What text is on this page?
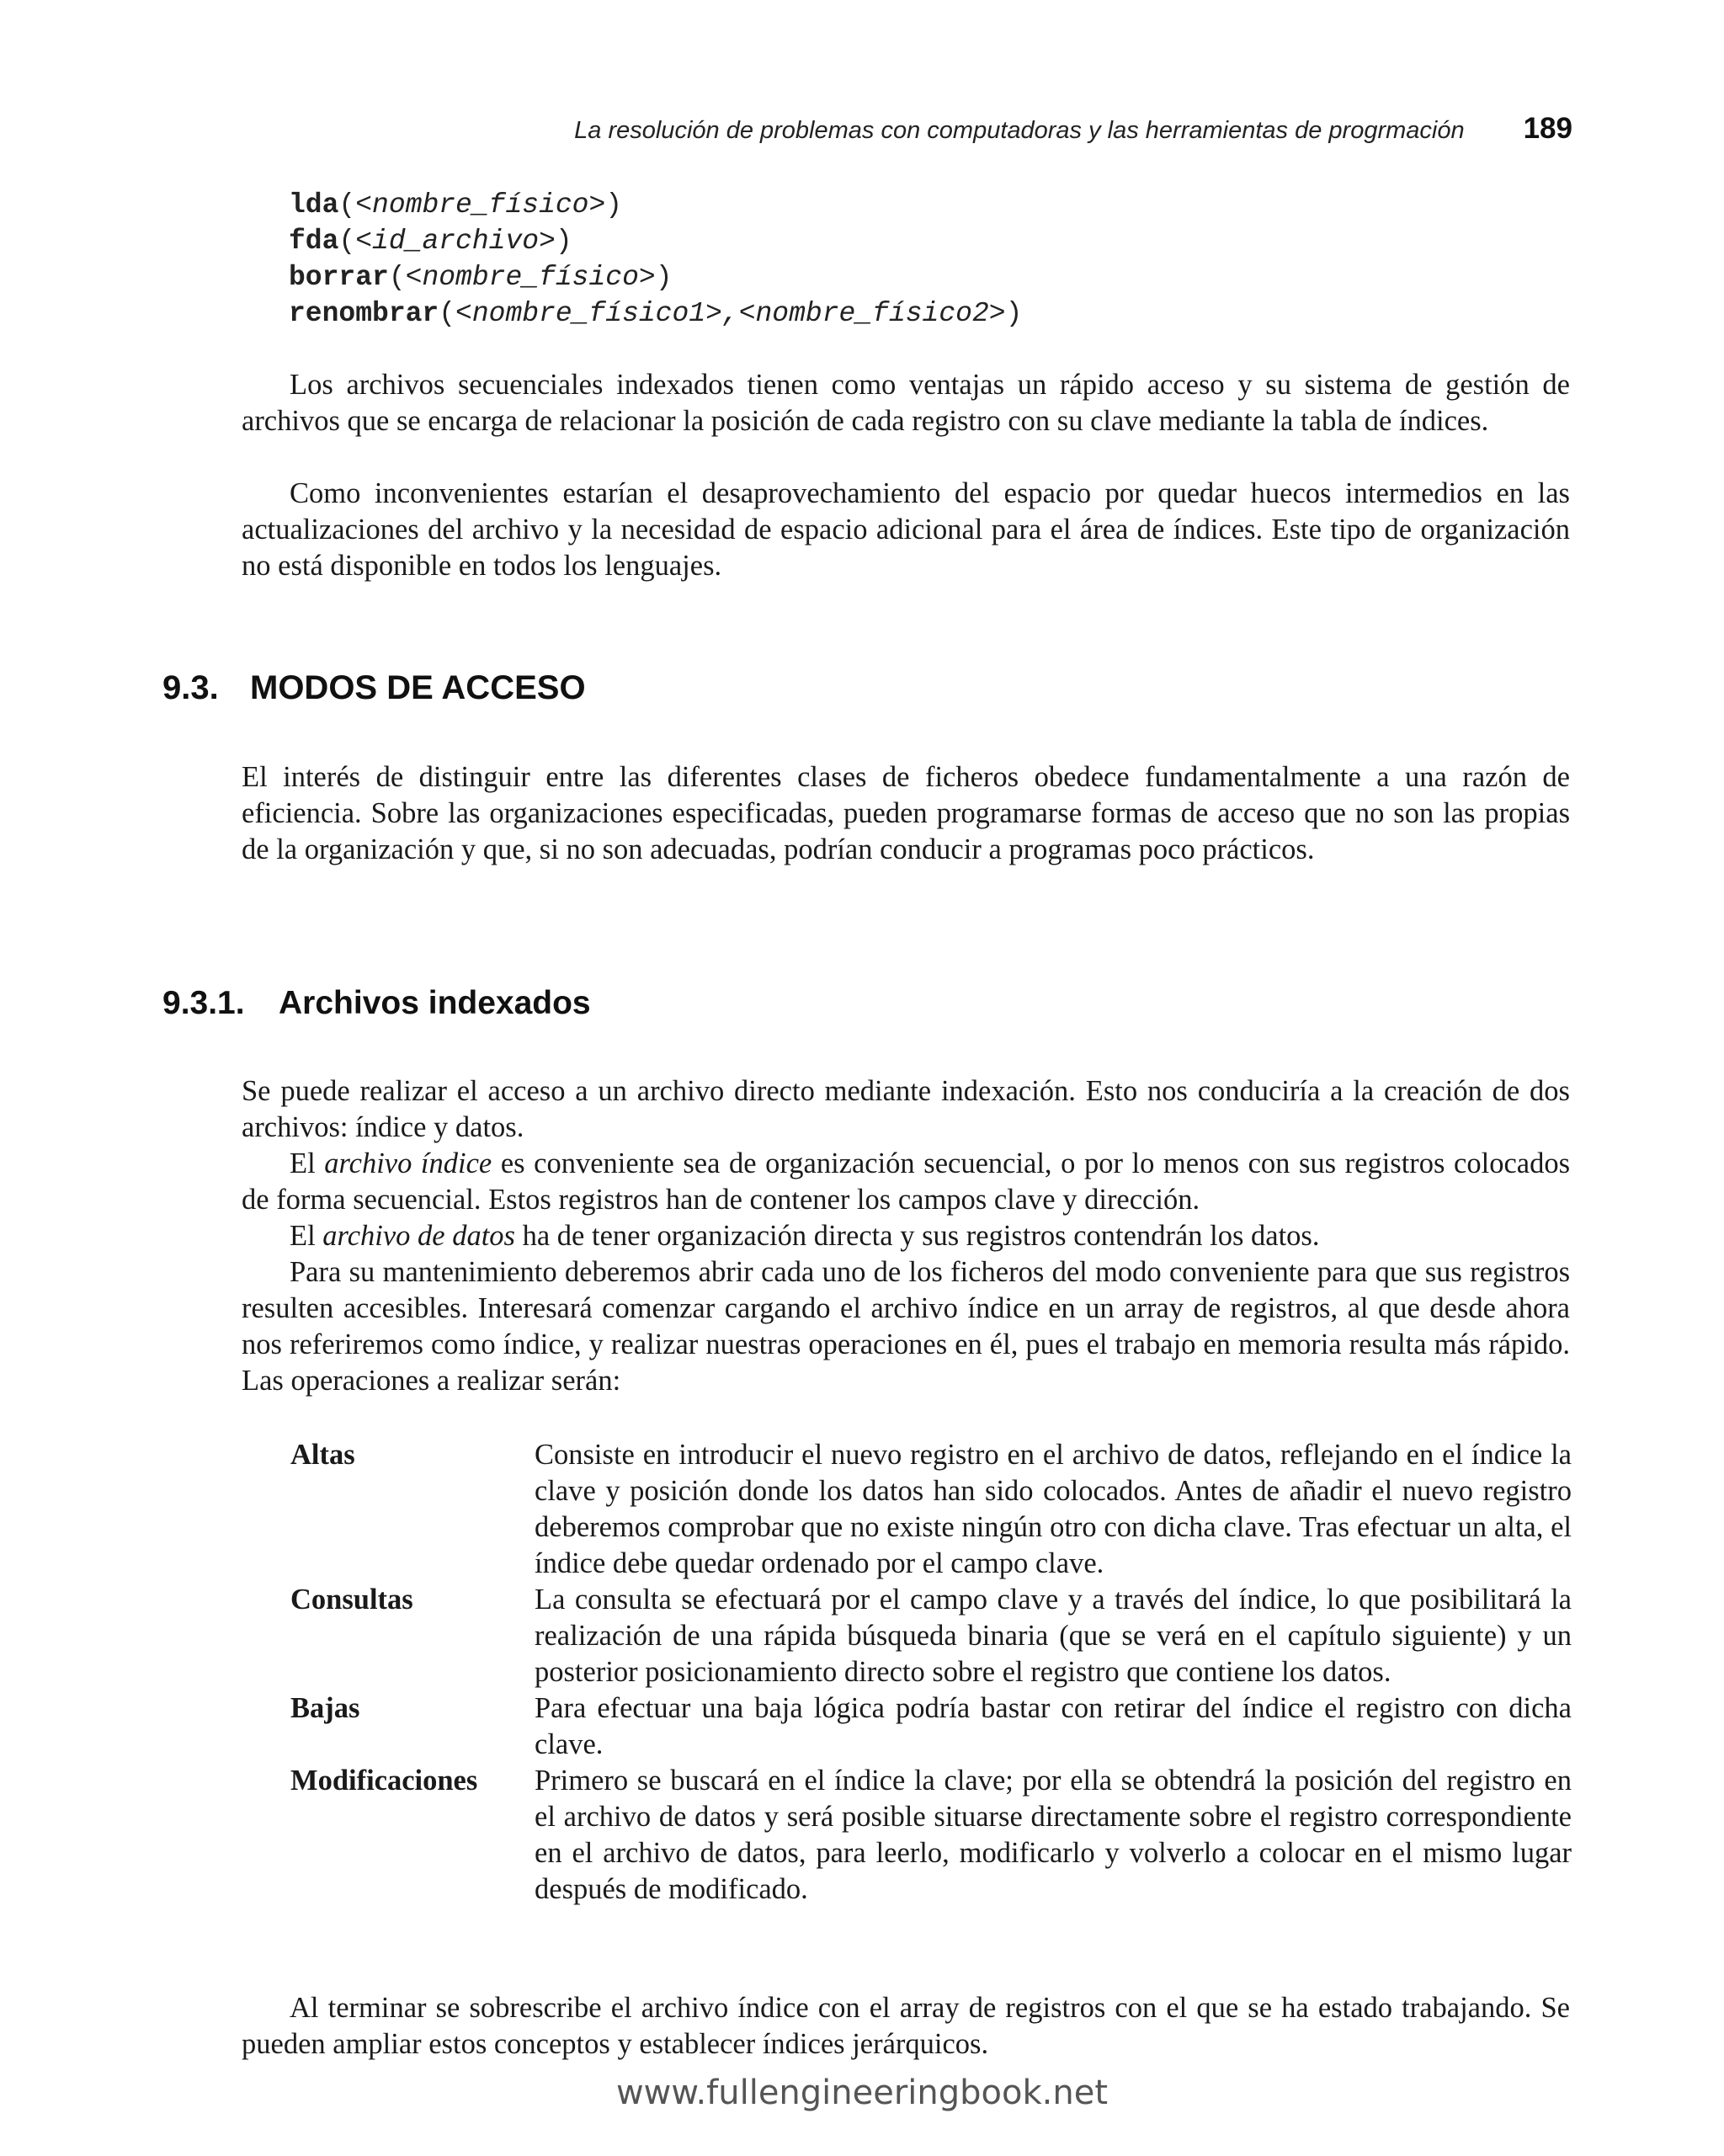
La resolución de problemas con computadoras y las herramientas de progrmación 189
lda(<nombre_físico>)
fda(<id_archivo>)
borrar(<nombre_físico>)
renombrar(<nombre_físico1>,<nombre_físico2>)

Los archivos secuenciales indexados tienen como ventajas un rápido acceso y su sistema de gestión de archivos que se encarga de relacionar la posición de cada registro con su clave mediante la tabla de índices.

Como inconvenientes estarían el desaprovechamiento del espacio por quedar huecos intermedios en las actualizaciones del archivo y la necesidad de espacio adicional para el área de índices. Este tipo de organización no está disponible en todos los lenguajes.

9.3. MODOS DE ACCESO

El interés de distinguir entre las diferentes clases de ficheros obedece fundamentalmente a una razón de eficiencia. Sobre las organizaciones especificadas, pueden programarse formas de acceso que no son las propias de la organización y que, si no son adecuadas, podrían conducir a programas poco prácticos.

9.3.1. Archivos indexados

Se puede realizar el acceso a un archivo directo mediante indexación. Esto nos conduciría a la creación de dos archivos: índice y datos.

El archivo índice es conveniente sea de organización secuencial, o por lo menos con sus registros colocados de forma secuencial. Estos registros han de contener los campos clave y dirección.

El archivo de datos ha de tener organización directa y sus registros contendrán los datos.

Para su mantenimiento deberemos abrir cada uno de los ficheros del modo conveniente para que sus registros resulten accesibles. Interesará comenzar cargando el archivo índice en un array de registros, al que desde ahora nos referiremos como índice, y realizar nuestras operaciones en él, pues el trabajo en memoria resulta más rápido. Las operaciones a realizar serán:

Altas	Consiste en introducir el nuevo registro en el archivo de datos, reflejando en el índice la clave y posición donde los datos han sido colocados. Antes de añadir el nuevo registro deberemos comprobar que no existe ningún otro con dicha clave. Tras efectuar un alta, el índice debe quedar ordenado por el campo clave.
Consultas	La consulta se efectuará por el campo clave y a través del índice, lo que posibilitará la realización de una rápida búsqueda binaria (que se verá en el capítulo siguiente) y un posterior posicionamiento directo sobre el registro que contiene los datos.
Bajas	Para efectuar una baja lógica podría bastar con retirar del índice el registro con dicha clave.
Modificaciones	Primero se buscará en el índice la clave; por ella se obtendrá la posición del registro en el archivo de datos y será posible situarse directamente sobre el registro correspondiente en el archivo de datos, para leerlo, modificarlo y volverlo a colocar en el mismo lugar después de modificado.

Al terminar se sobrescribe el archivo índice con el array de registros con el que se ha estado trabajando. Se pueden ampliar estos conceptos y establecer índices jerárquicos.

www.fullengineeringbook.net
